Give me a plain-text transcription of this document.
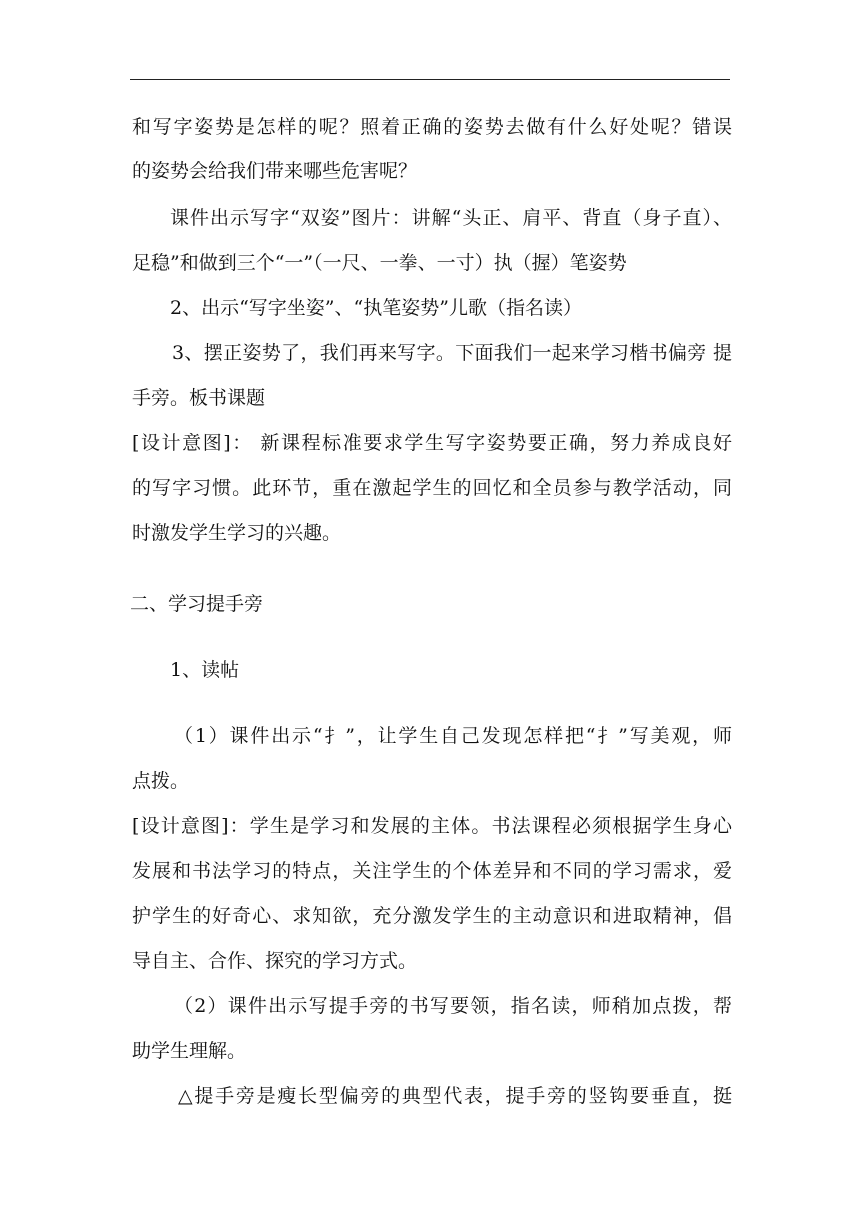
和写字姿势是怎样的呢？照着正确的姿势去做有什么好处呢？错误
的姿势会给我们带来哪些危害呢？
课件出示写字“双姿”图片：讲解“头正、肩平、背直（身子直）、
足稳”和做到三个“一”（一尺、一拳、一寸）执（握）笔姿势
2、出示“写字坐姿”、“执笔姿势”儿歌（指名读）
3、摆正姿势了，我们再来写字。下面我们一起来学习楷书偏旁 提
手旁。板书课题
[设计意图]： 新课程标准要求学生写字姿势要正确，努力养成良好
的写字习惯。此环节，重在激起学生的回忆和全员参与教学活动，同
时激发学生学习的兴趣。
二、学习提手旁
1、读帖
（1）课件出示“扌”，让学生自己发现怎样把“扌”写美观，师
点拨。
[设计意图]：学生是学习和发展的主体。书法课程必须根据学生身心
发展和书法学习的特点，关注学生的个体差异和不同的学习需求，爱
护学生的好奇心、求知欲，充分激发学生的主动意识和进取精神，倡
导自主、合作、探究的学习方式。
（2）课件出示写提手旁的书写要领，指名读，师稍加点拨，帮
助学生理解。
△提手旁是瘦长型偏旁的典型代表，提手旁的竖钩要垂直，挺
